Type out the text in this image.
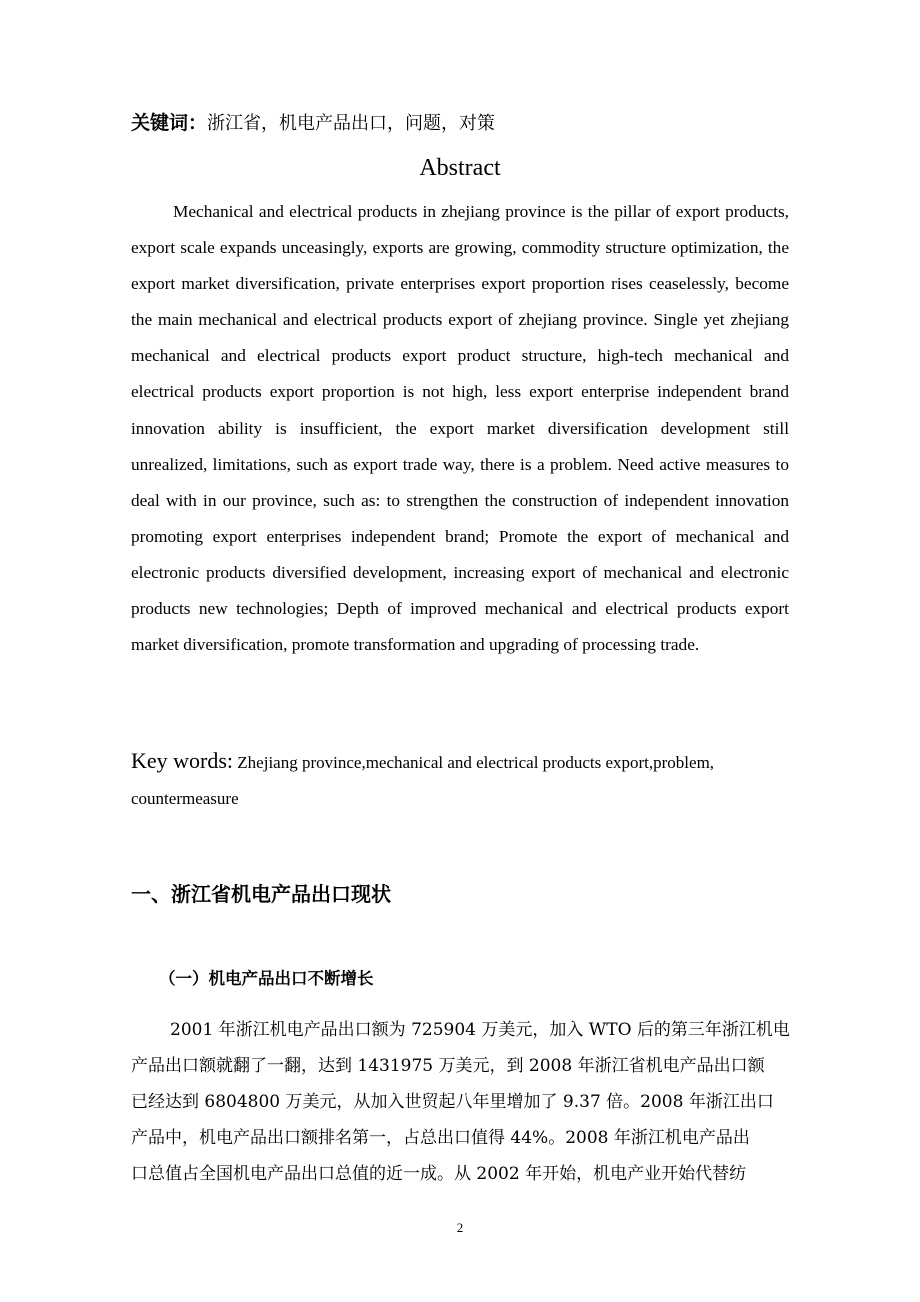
关键词：浙江省，机电产品出口，问题，对策
Abstract

Mechanical and electrical products in zhejiang province is the pillar of export products, export scale expands unceasingly, exports are growing, commodity structure optimization, the export market diversification, private enterprises export proportion rises ceaselessly, become the main mechanical and electrical products export of zhejiang province. Single yet zhejiang mechanical and electrical products export product structure, high-tech mechanical and electrical products export proportion is not high, less export enterprise independent brand innovation ability is insufficient, the export market diversification development still unrealized, limitations, such as export trade way, there is a problem. Need active measures to deal with in our province, such as: to strengthen the construction of independent innovation promoting export enterprises independent brand; Promote the export of mechanical and electronic products diversified development, increasing export of mechanical and electronic products new technologies; Depth of improved mechanical and electrical products export market diversification, promote transformation and upgrading of processing trade.

Key words: Zhejiang province,mechanical and electrical products export,problem, countermeasure

一、浙江省机电产品出口现状
（一）机电产品出口不断增长
2001 年浙江机电产品出口额为 725904 万美元，加入 WTO 后的第三年浙江机电
产品出口额就翻了一翻，达到 1431975 万美元，到 2008 年浙江省机电产品出口额
已经达到 6804800 万美元，从加入世贸起八年里增加了 9.37 倍。2008 年浙江出口
产品中，机电产品出口额排名第一，占总出口值得 44%。2008 年浙江机电产品出
口总值占全国机电产品出口总值的近一成。从 2002 年开始，机电产业开始代替纺
2
